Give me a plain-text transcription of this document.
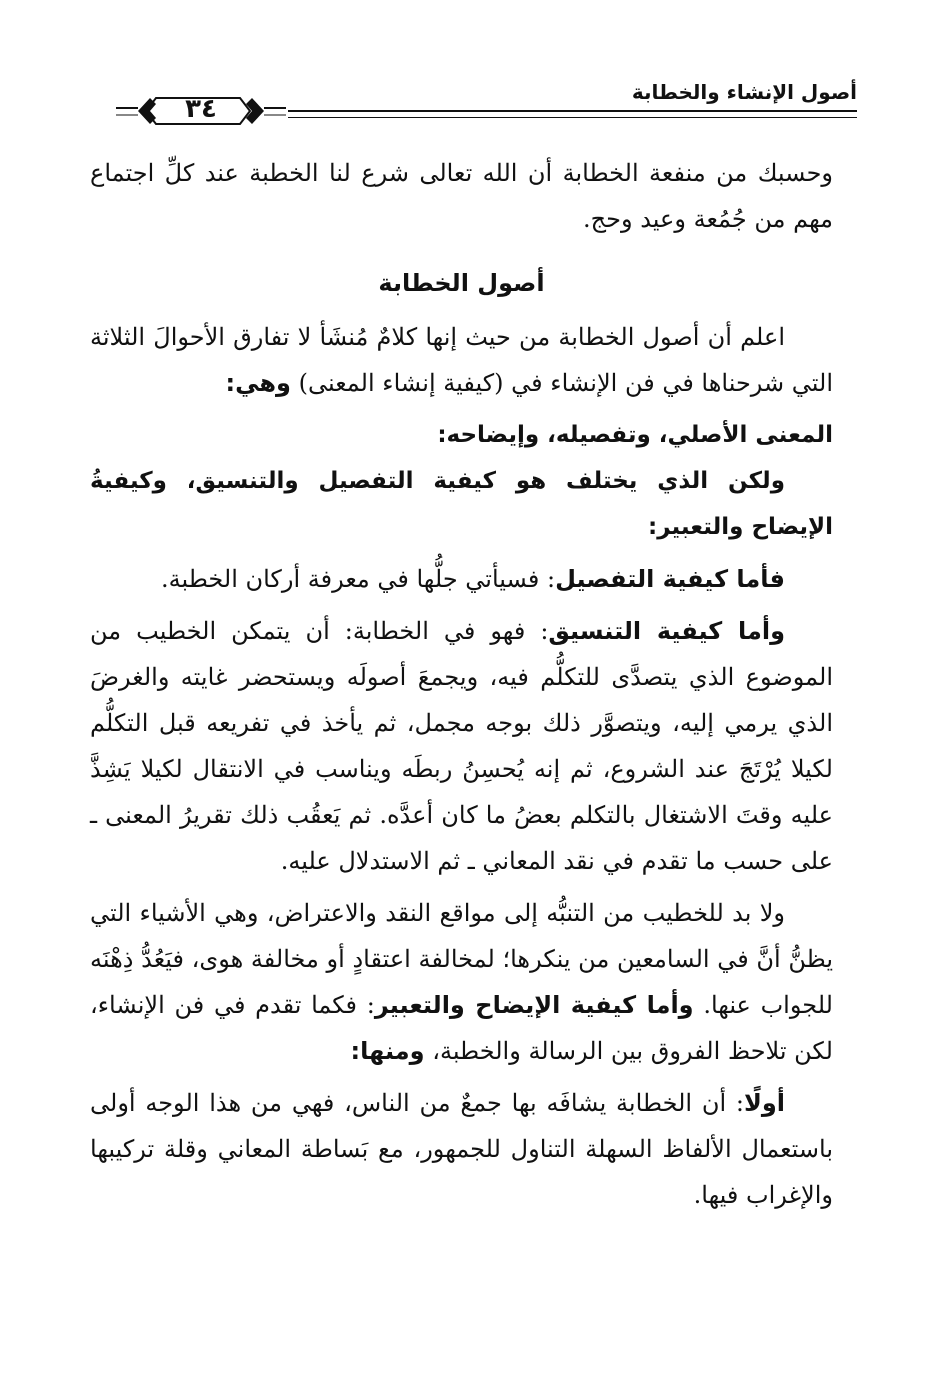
أصول الإنشاء والخطابة
٣٤

وحسبك من منفعة الخطابة أن الله تعالى شرع لنا الخطبة عند كلِّ اجتماع مهم من جُمُعة وعيد وحج.

أصول الخطابة

اعلم أن أصول الخطابة من حيث إنها كلامٌ مُنشَأ لا تفارق الأحوالَ الثلاثة التي شرحناها في فن الإنشاء في (كيفية إنشاء المعنى) وهي:

المعنى الأصلي، وتفصيله، وإيضاحه:

ولكن الذي يختلف هو كيفية التفصيل والتنسيق، وكيفيةُ الإيضاح والتعبير:

فأما كيفية التفصيل: فسيأتي جلُّها في معرفة أركان الخطبة.

وأما كيفية التنسيق: فهو في الخطابة: أن يتمكن الخطيب من الموضوع الذي يتصدَّى للتكلُّم فيه، ويجمعَ أصولَه ويستحضر غايته والغرضَ الذي يرمي إليه، ويتصوَّر ذلك بوجه مجمل، ثم يأخذ في تفريعه قبل التكلُّم لكيلا يُرْتَجَ عند الشروع، ثم إنه يُحسِنُ ربطَه ويناسب في الانتقال لكيلا يَشِذَّ عليه وقتَ الاشتغال بالتكلم بعضُ ما كان أعدَّه. ثم يَعقُب ذلك تقريرُ المعنى ـ على حسب ما تقدم في نقد المعاني ـ ثم الاستدلال عليه.

ولا بد للخطيب من التنبُّه إلى مواقع النقد والاعتراض، وهي الأشياء التي يظنُّ أنَّ في السامعين من ينكرها؛ لمخالفة اعتقادٍ أو مخالفة هوى، فيَعُدُّ ذِهْنَه للجواب عنها. وأما كيفية الإيضاح والتعبير: فكما تقدم في فن الإنشاء، لكن تلاحظ الفروق بين الرسالة والخطبة، ومنها:

أولًا: أن الخطابة يشافَه بها جمعٌ من الناس، فهي من هذا الوجه أولى باستعمال الألفاظ السهلة التناول للجمهور، مع بَساطة المعاني وقلة تركيبها والإغراب فيها.
